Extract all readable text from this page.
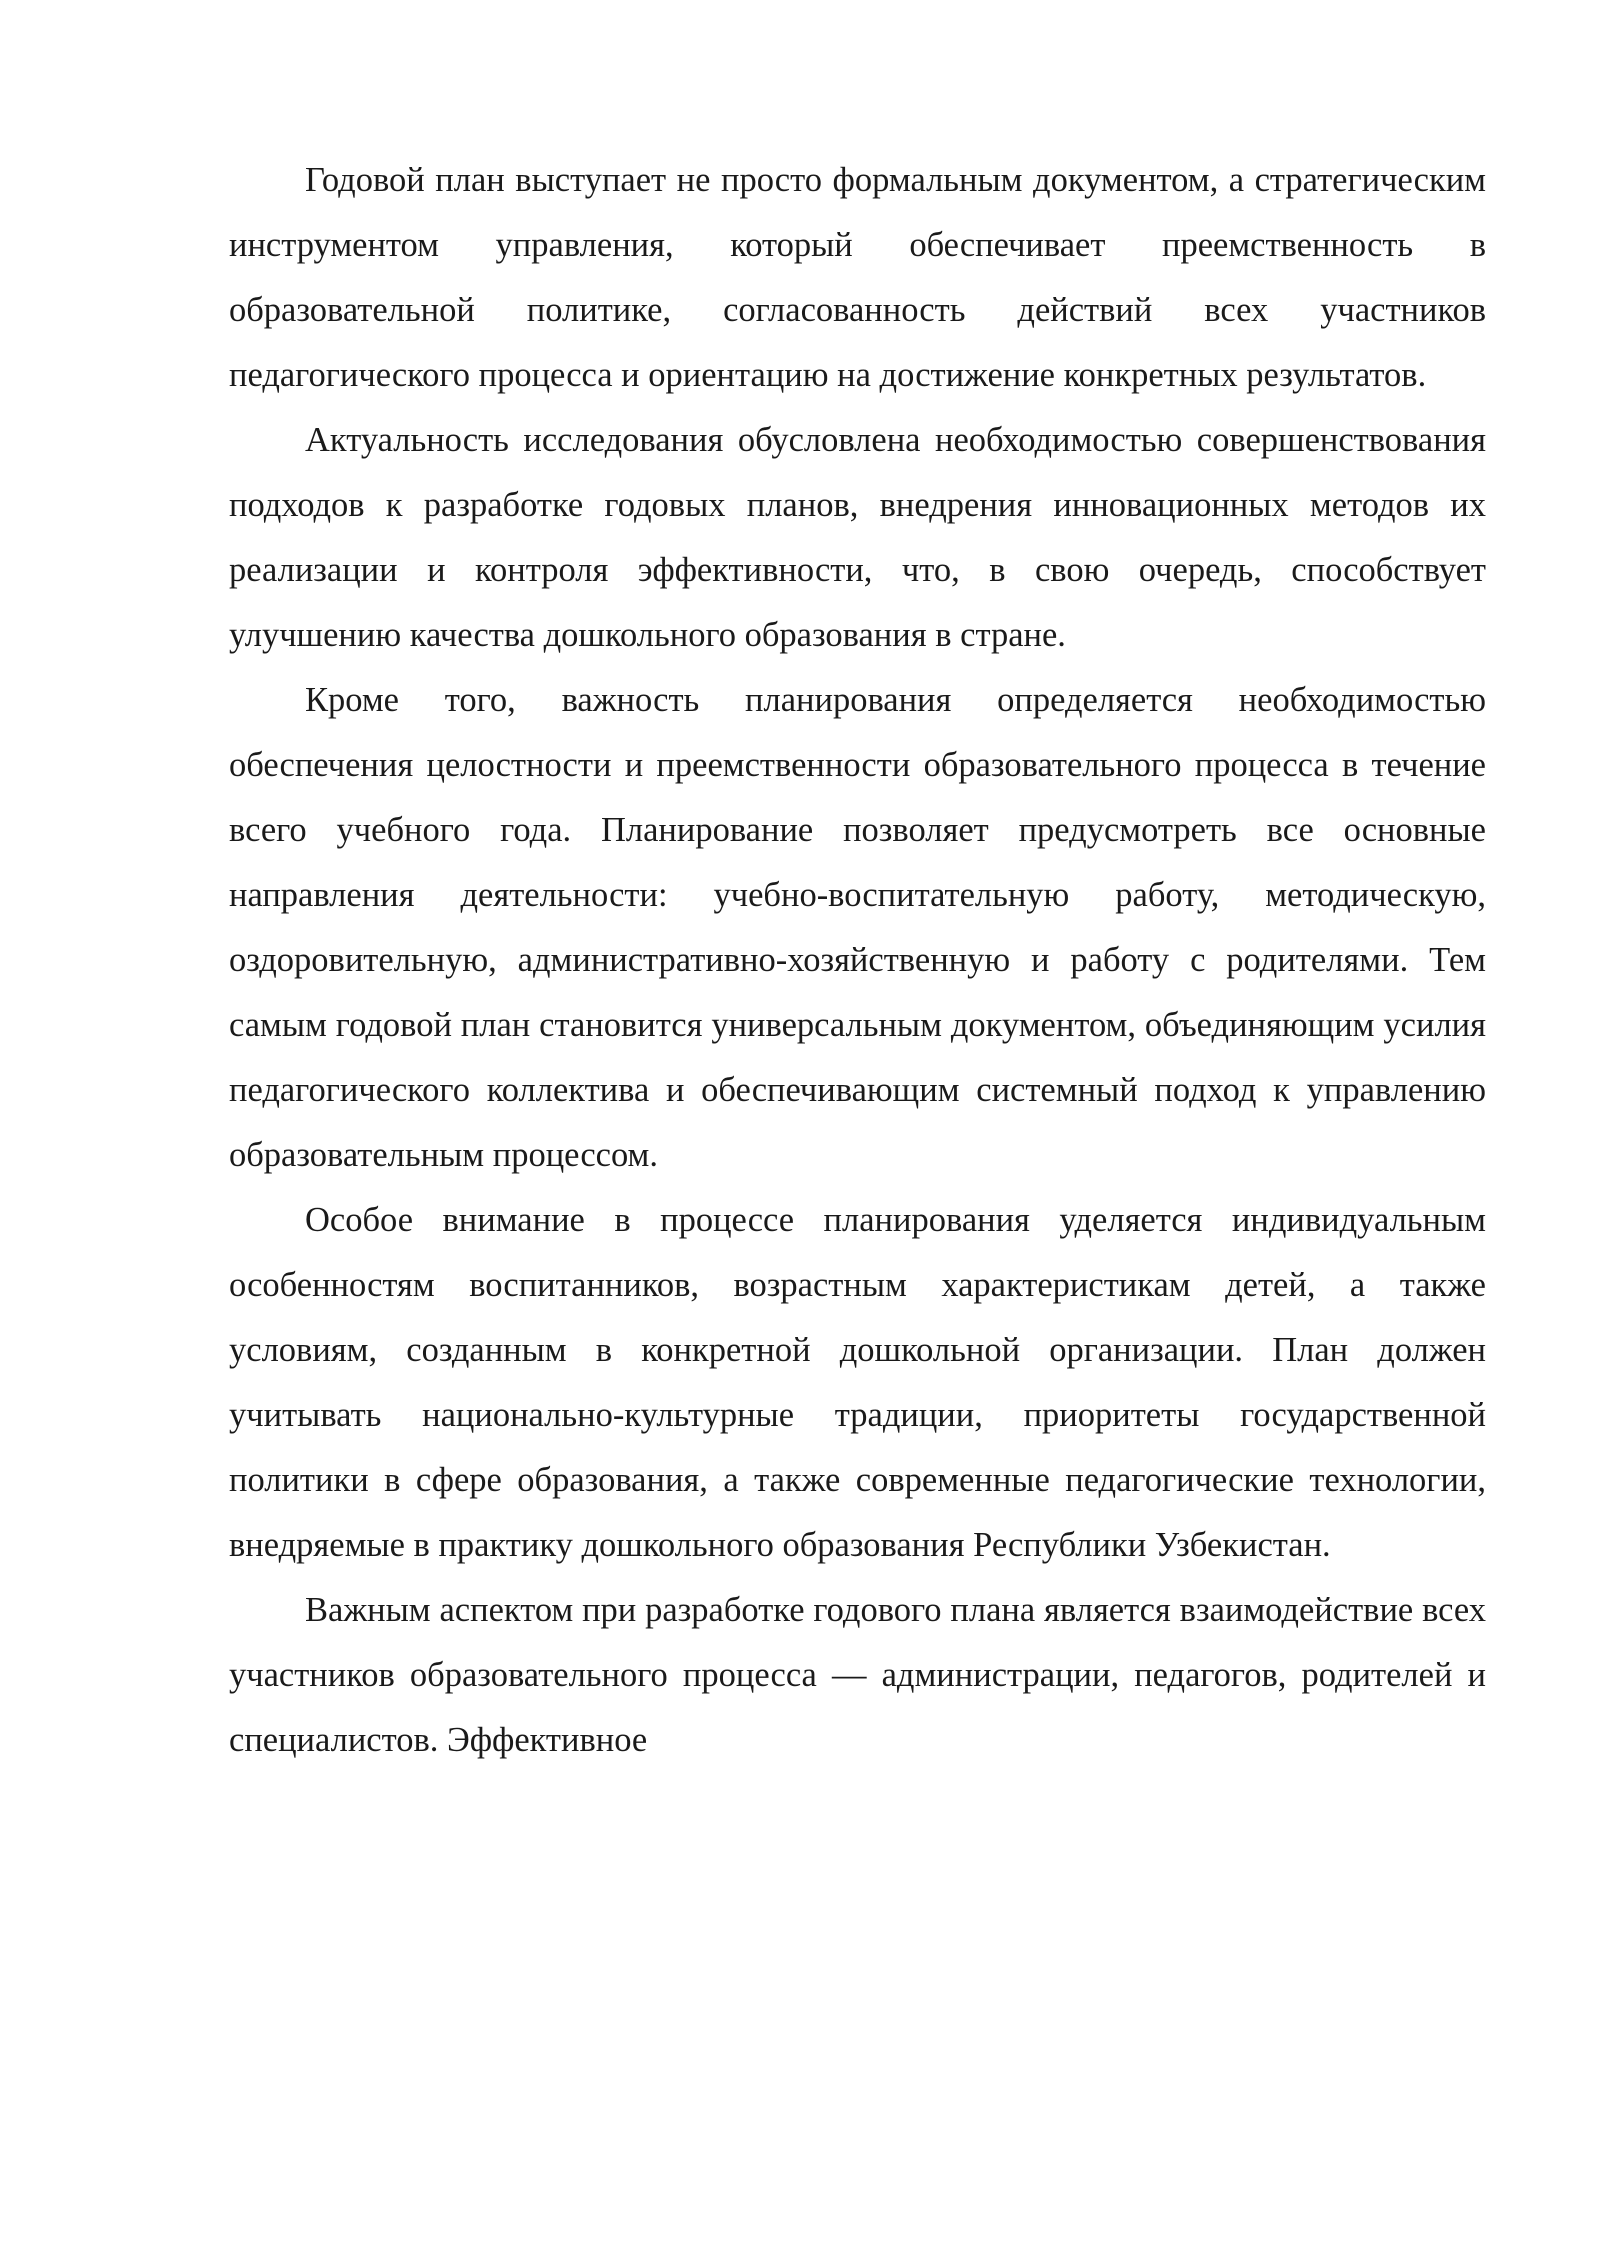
Годовой план выступает не просто формальным документом, а стратегическим инструментом управления, который обеспечивает преемственность в образовательной политике, согласованность действий всех участников педагогического процесса и ориентацию на достижение конкретных результатов.

Актуальность исследования обусловлена необходимостью совершенствования подходов к разработке годовых планов, внедрения инновационных методов их реализации и контроля эффективности, что, в свою очередь, способствует улучшению качества дошкольного образования в стране.

Кроме того, важность планирования определяется необходимостью обеспечения целостности и преемственности образовательного процесса в течение всего учебного года. Планирование позволяет предусмотреть все основные направления деятельности: учебно-воспитательную работу, методическую, оздоровительную, административно-хозяйственную и работу с родителями. Тем самым годовой план становится универсальным документом, объединяющим усилия педагогического коллектива и обеспечивающим системный подход к управлению образовательным процессом.

Особое внимание в процессе планирования уделяется индивидуальным особенностям воспитанников, возрастным характеристикам детей, а также условиям, созданным в конкретной дошкольной организации. План должен учитывать национально-культурные традиции, приоритеты государственной политики в сфере образования, а также современные педагогические технологии, внедряемые в практику дошкольного образования Республики Узбекистан.

Важным аспектом при разработке годового плана является взаимодействие всех участников образовательного процесса — администрации, педагогов, родителей и специалистов. Эффективное
